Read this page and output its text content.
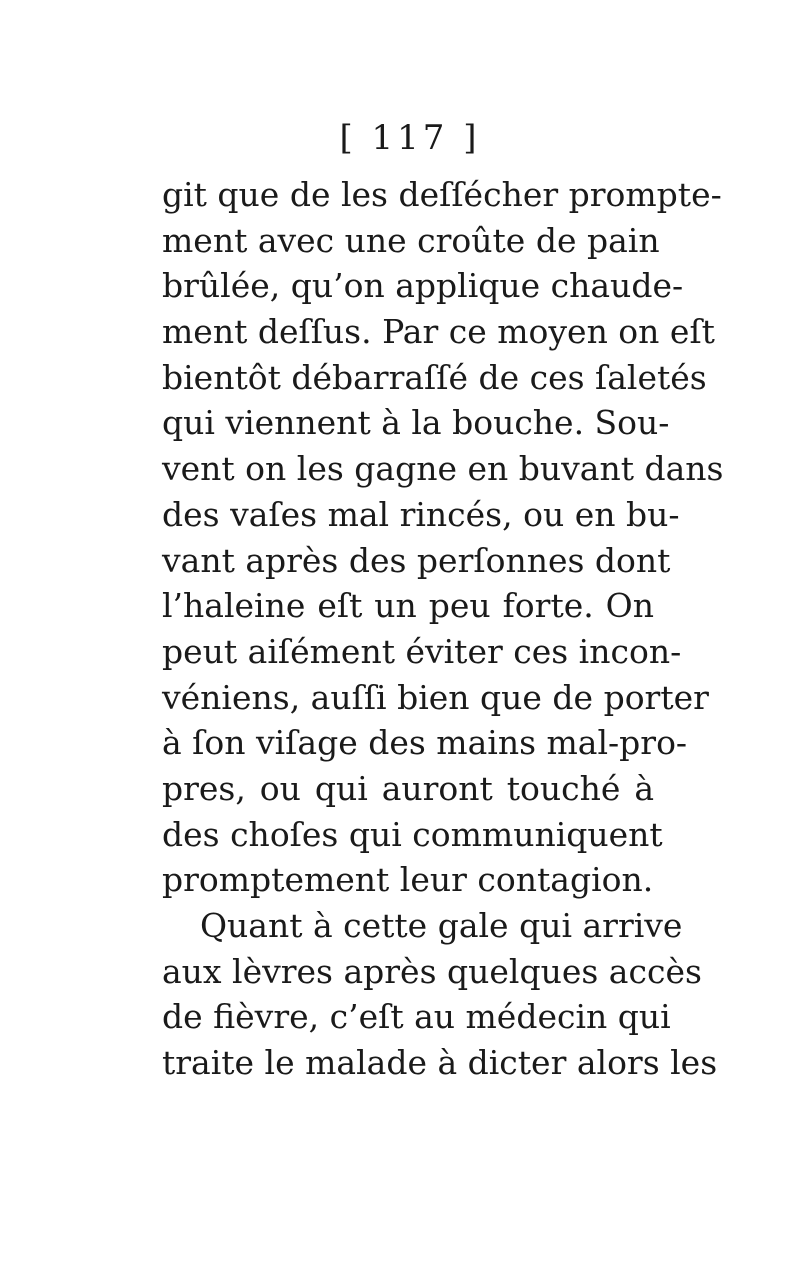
[ 117 ]
git que de les deſſécher prompte-
ment avec une croûte de pain
brûlée, qu’on applique chaude-
ment deſſus. Par ce moyen on eſt
bientôt débarraſſé de ces ſaletés
qui viennent à la bouche. Sou-
vent on les gagne en buvant dans
des vaſes mal rincés, ou en bu-
vant après des perſonnes dont
l’haleine eſt un peu forte. On
peut aiſément éviter ces incon-
véniens, auſſi bien que de porter
à ſon viſage des mains mal-pro-
pres, ou qui auront touché à
des choſes qui communiquent
promptement leur contagion.
Quant à cette gale qui arrive
aux lèvres après quelques accès
de fièvre, c’eſt au médecin qui
traite le malade à dicter alors les
